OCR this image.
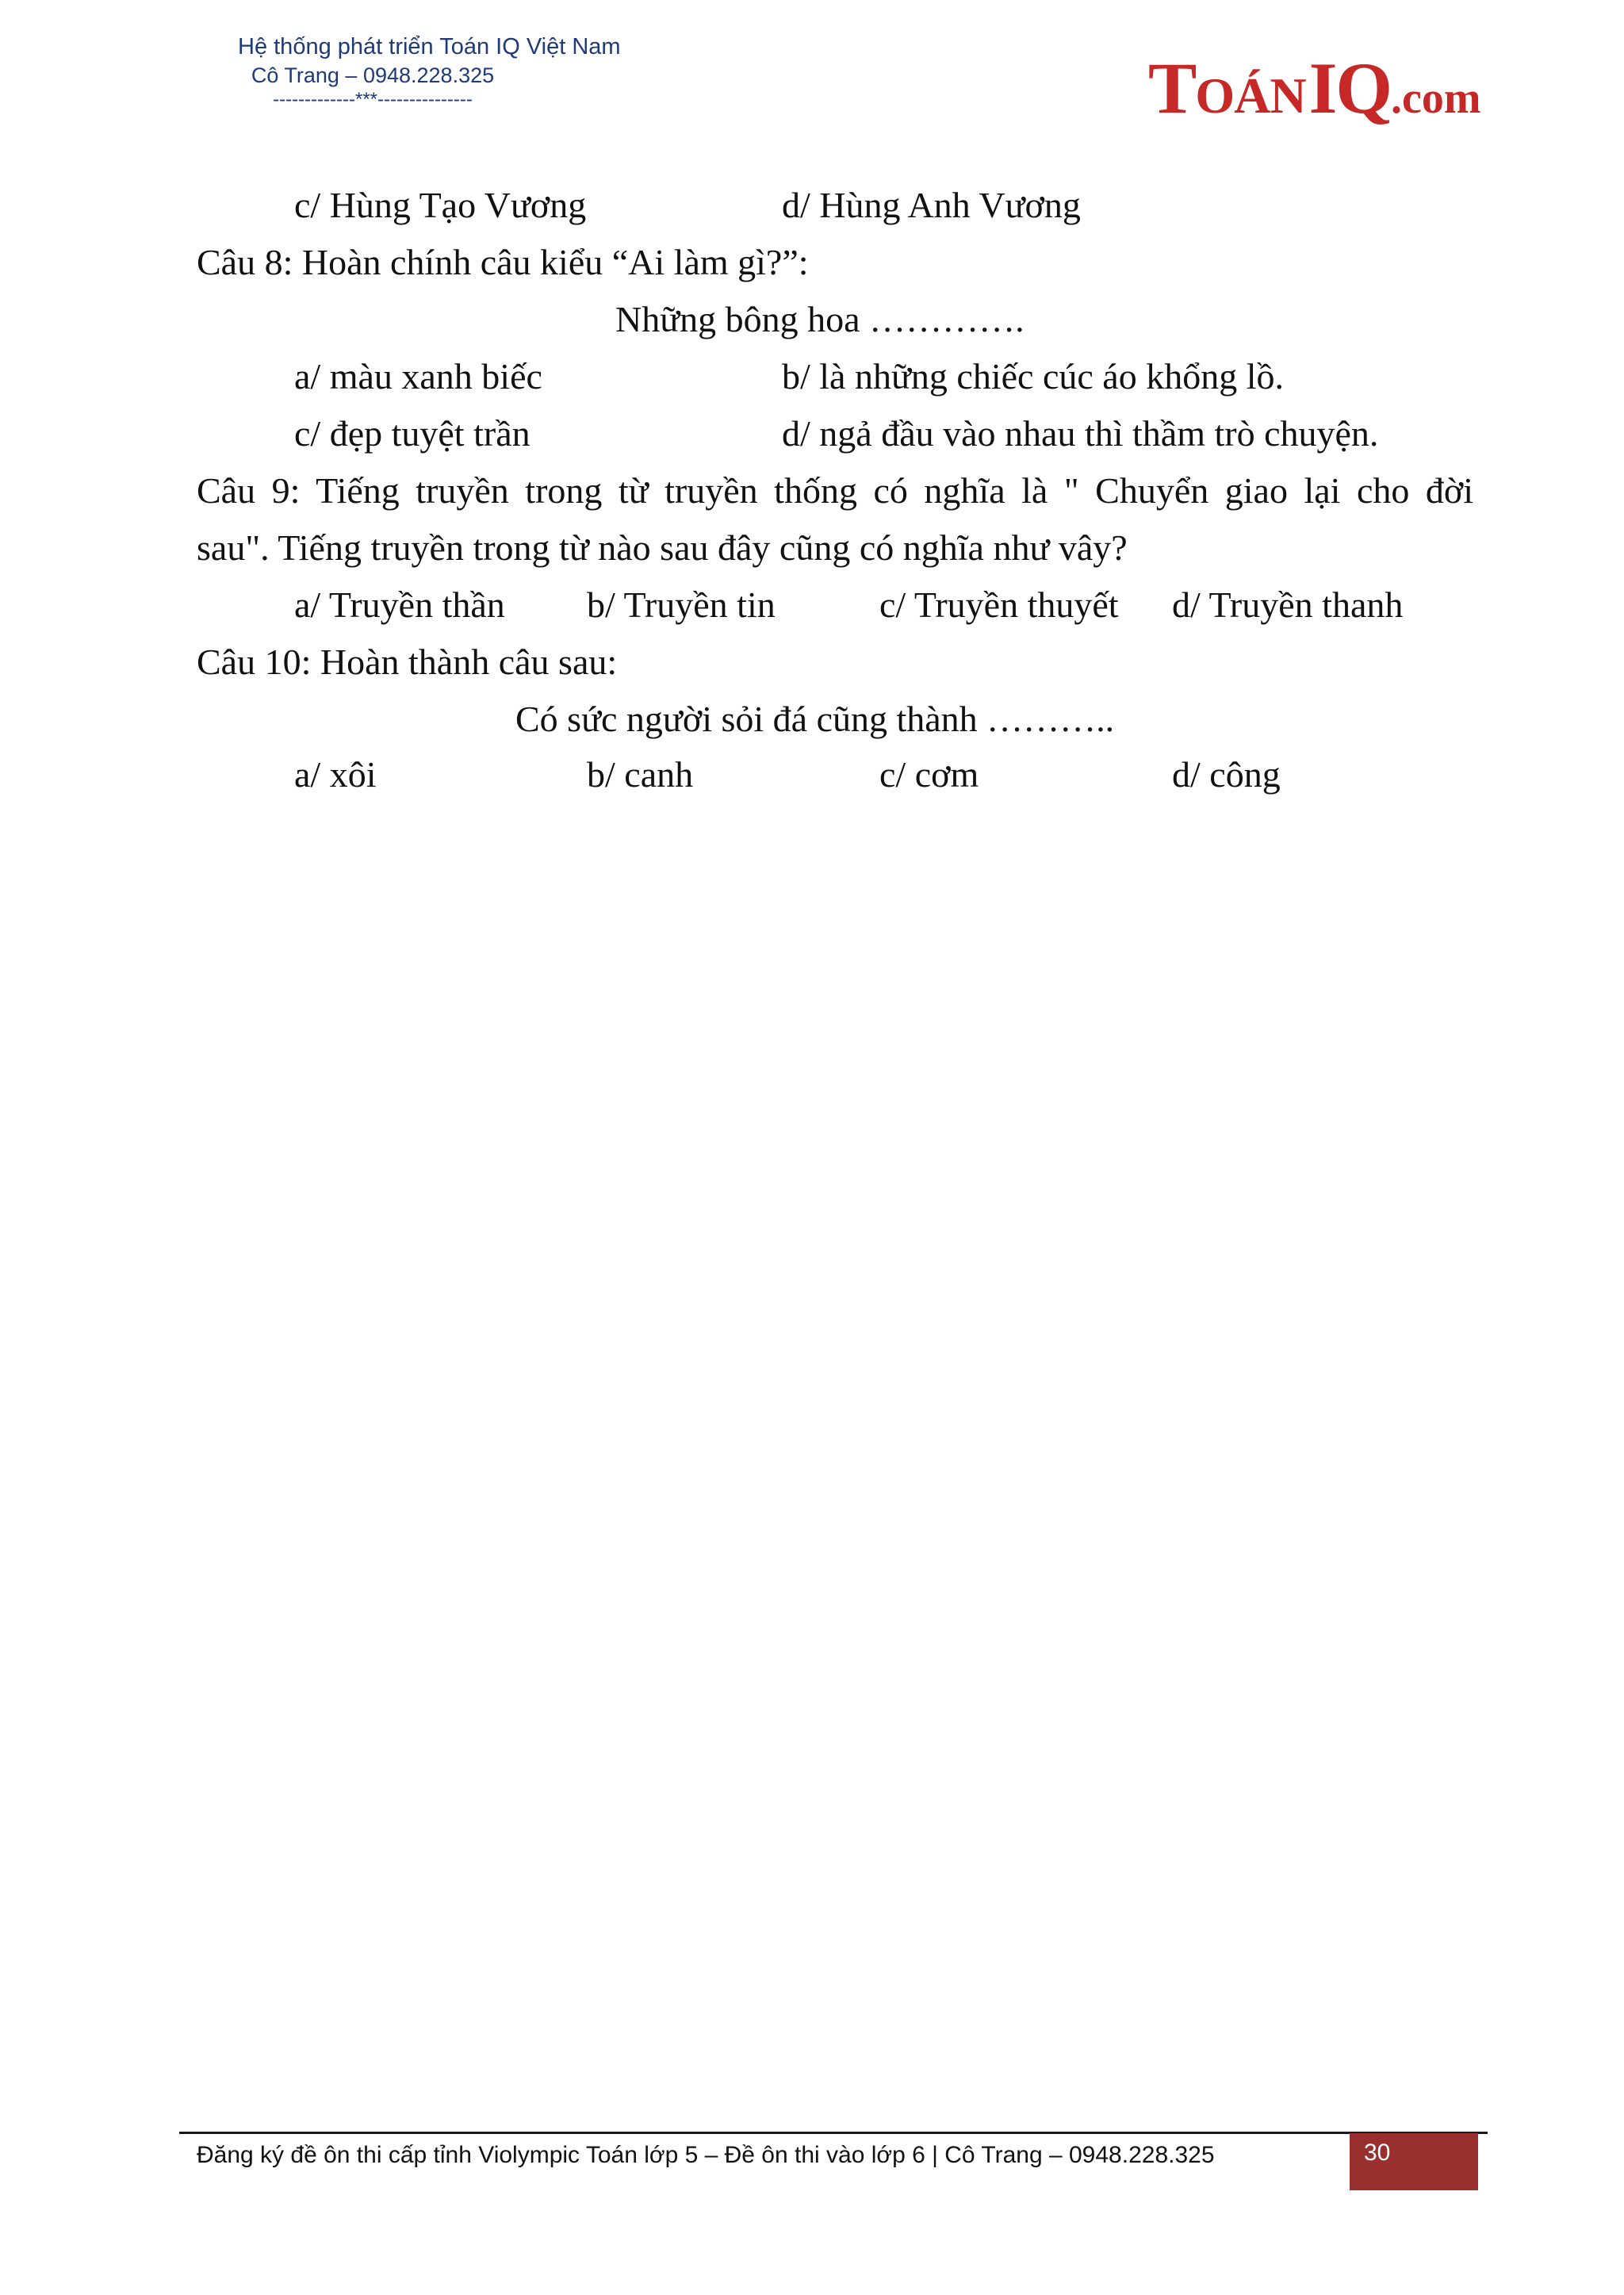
Hệ thống phát triển Toán IQ Việt Nam
Cô Trang – 0948.228.325
-------------***---------------	TOÁN IQ.com
c/ Hùng Tạo Vương	d/ Hùng Anh Vương
Câu 8: Hoàn chính câu kiểu “Ai làm gì?”:
Những bông hoa ………….
a/ màu xanh biếc	b/ là những chiếc cúc áo khổng lồ.
c/ đẹp tuyệt trần	d/ ngả đầu vào nhau thì thầm trò chuyện.
Câu 9: Tiếng truyền trong từ truyền thống có nghĩa là " Chuyển giao lại cho đời
sau". Tiếng truyền trong từ nào sau đây cũng có nghĩa như vây?
a/ Truyền thần b/ Truyền tin	c/ Truyền thuyết d/ Truyền thanh
Câu 10: Hoàn thành câu sau:
Có sức người sỏi đá cũng thành ………..
a/ xôi	b/ canh	c/ cơm	d/ công
Đăng ký đề ôn thi cấp tỉnh Violympic Toán lớp 5 – Đề ôn thi vào lớp 6 | Cô Trang – 0948.228.325	30
